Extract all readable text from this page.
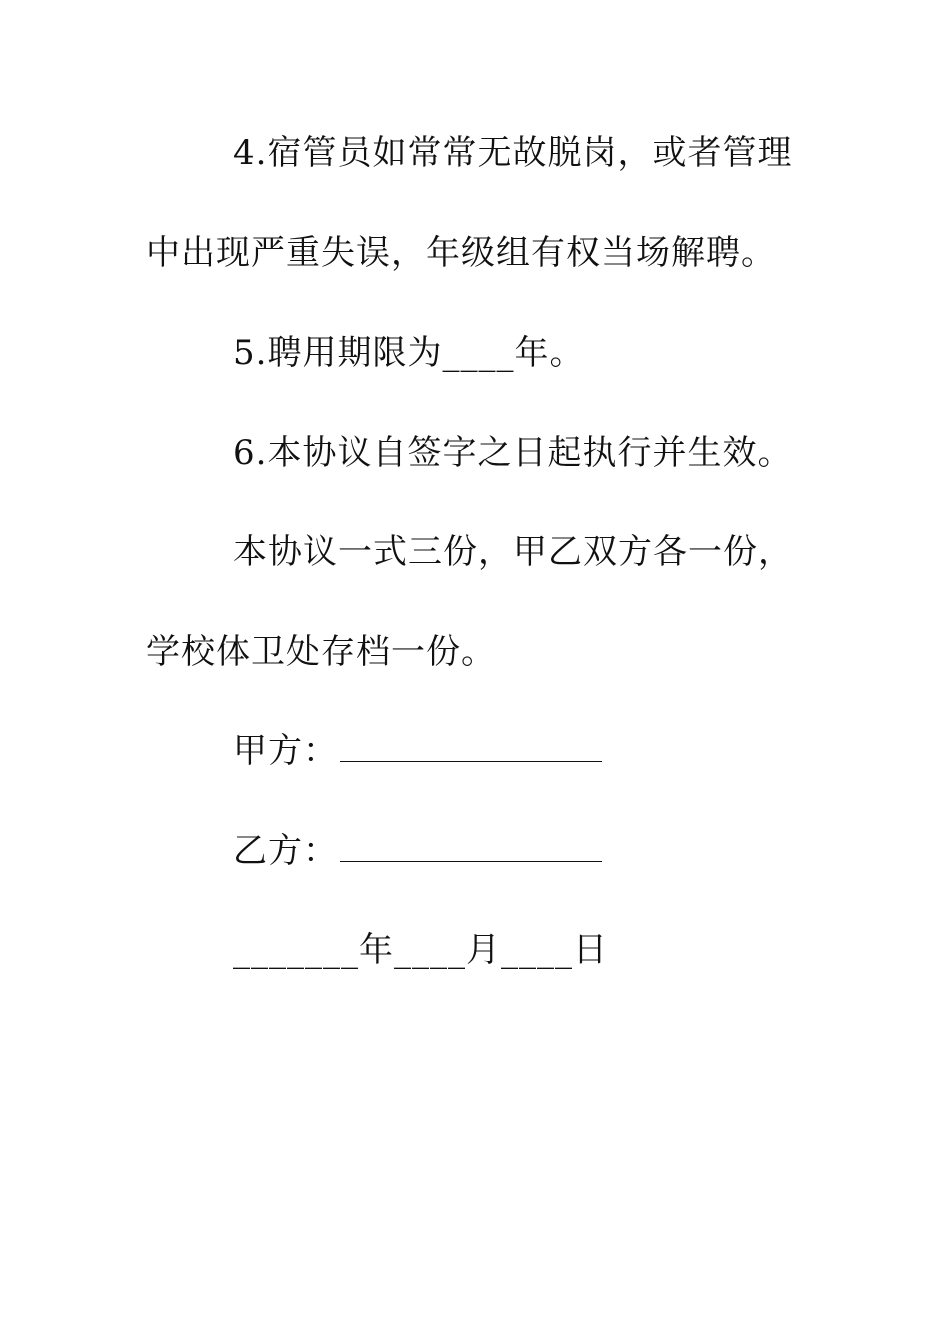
4.宿管员如常常无故脱岗，或者管理
中出现严重失误，年级组有权当场解聘。
5.聘用期限为____年。
6.本协议自签字之日起执行并生效。
本协议一式三份，甲乙双方各一份，
学校体卫处存档一份。
甲方：
乙方：
_______年____月____日
